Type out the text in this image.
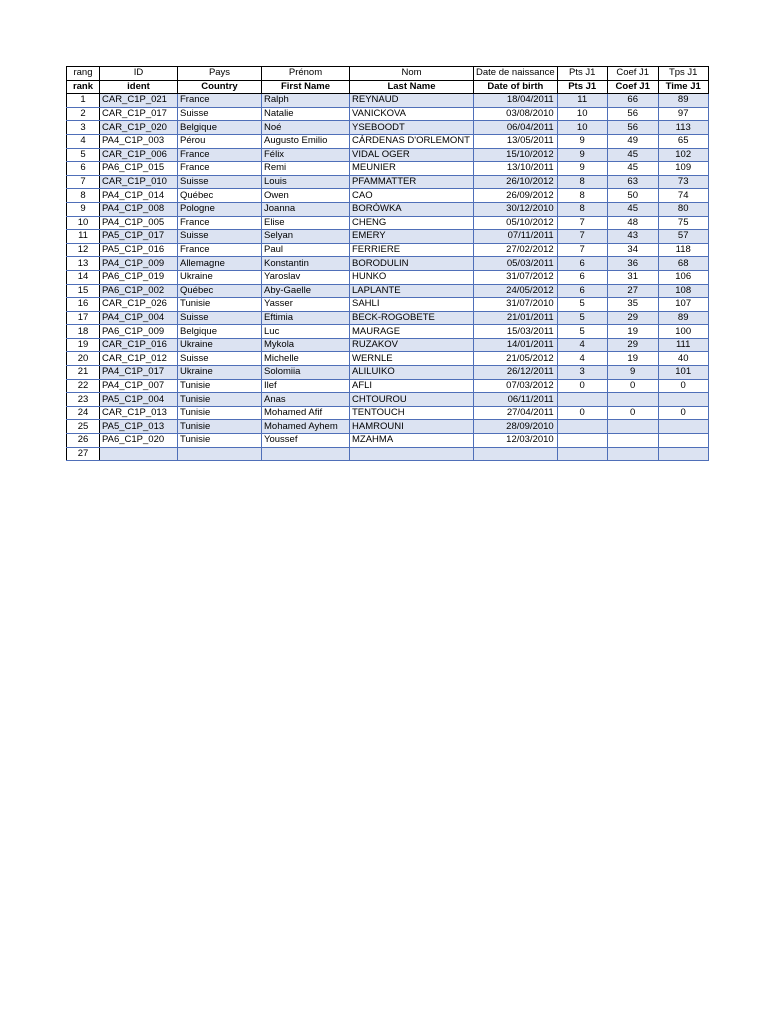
rang	ID	Pays	Prénom	Nom	Date de naissance	Pts J1	Coef J1	Tps J1
rank	ident	Country	First Name	Last Name	Date of birth	Pts J1	Coef J1	Time J1
1	CAR_C1P_021	France	Ralph	REYNAUD	18/04/2011	11	66	89
2	CAR_C1P_017	Suisse	Natalie	VANICKOVA	03/08/2010	10	56	97
3	CAR_C1P_020	Belgique	Noé	YSEBOODT	06/04/2011	10	56	113
4	PA4_C1P_003	Pérou	Augusto Emilio	CÁRDENAS D'ORLEMONT	13/05/2011	9	49	65
5	CAR_C1P_006	France	Félix	VIDAL OGER	15/10/2012	9	45	102
6	PA6_C1P_015	France	Remi	MEUNIER	13/10/2011	9	45	109
7	CAR_C1P_010	Suisse	Louis	PFAMMATTER	26/10/2012	8	63	73
8	PA4_C1P_014	Québec	Owen	CAO	26/09/2012	8	50	74
9	PA4_C1P_008	Pologne	Joanna	BORÓWKA	30/12/2010	8	45	80
10	PA4_C1P_005	France	Elise	CHENG	05/10/2012	7	48	75
11	PA5_C1P_017	Suisse	Selyan	EMERY	07/11/2011	7	43	57
12	PA5_C1P_016	France	Paul	FERRIERE	27/02/2012	7	34	118
13	PA4_C1P_009	Allemagne	Konstantin	BORODULIN	05/03/2011	6	36	68
14	PA6_C1P_019	Ukraine	Yaroslav	HUNKO	31/07/2012	6	31	106
15	PA6_C1P_002	Québec	Aby-Gaelle	LAPLANTE	24/05/2012	6	27	108
16	CAR_C1P_026	Tunisie	Yasser	SAHLI	31/07/2010	5	35	107
17	PA4_C1P_004	Suisse	Eftimia	BECK-ROGOBETE	21/01/2011	5	29	89
18	PA6_C1P_009	Belgique	Luc	MAURAGE	15/03/2011	5	19	100
19	CAR_C1P_016	Ukraine	Mykola	RUZAKOV	14/01/2011	4	29	111
20	CAR_C1P_012	Suisse	Michelle	WERNLE	21/05/2012	4	19	40
21	PA4_C1P_017	Ukraine	Solomiia	ALILUIKO	26/12/2011	3	9	101
22	PA4_C1P_007	Tunisie	Ilef	AFLI	07/03/2012	0	0	0
23	PA5_C1P_004	Tunisie	Anas	CHTOUROU	06/11/2011			
24	CAR_C1P_013	Tunisie	Mohamed Afif	TENTOUCH	27/04/2011	0	0	0
25	PA5_C1P_013	Tunisie	Mohamed Ayhem	HAMROUNI	28/09/2010			
26	PA6_C1P_020	Tunisie	Youssef	MZAHMA	12/03/2010			
27								
